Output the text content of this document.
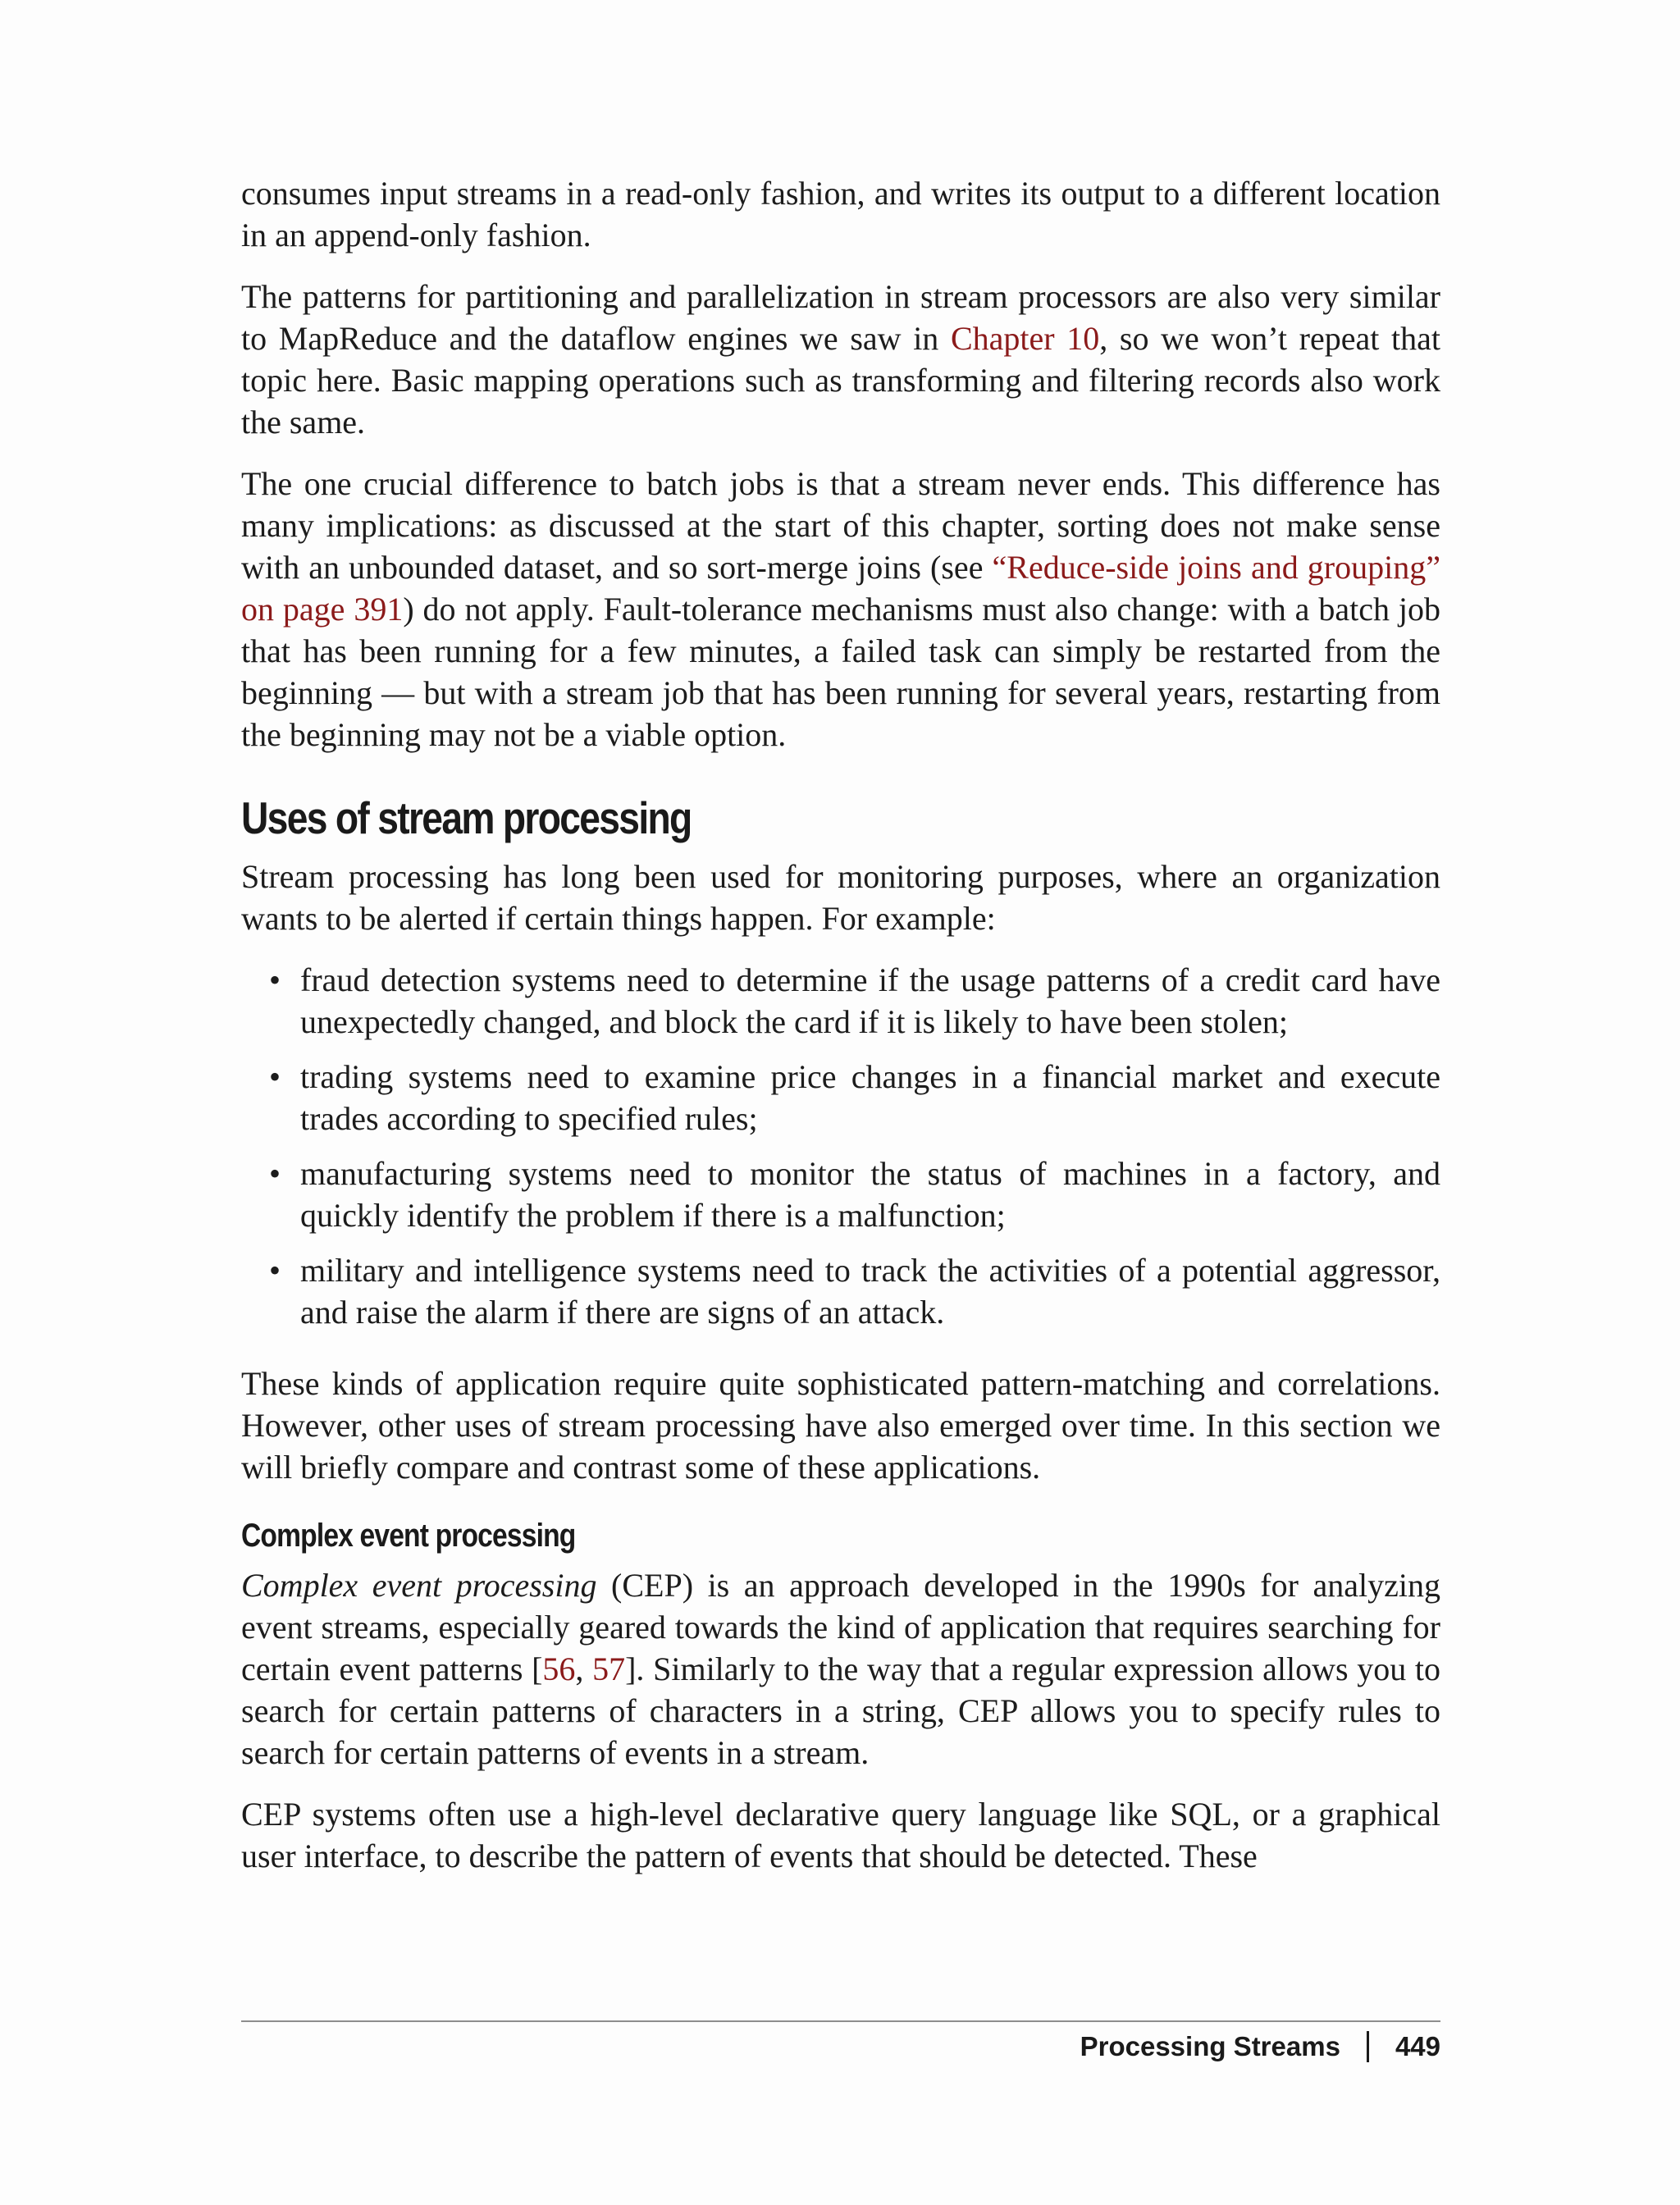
consumes input streams in a read-only fashion, and writes its output to a different location in an append-only fashion.

The patterns for partitioning and parallelization in stream processors are also very similar to MapReduce and the dataflow engines we saw in Chapter 10, so we won’t repeat that topic here. Basic mapping operations such as transforming and filtering records also work the same.

The one crucial difference to batch jobs is that a stream never ends. This difference has many implications: as discussed at the start of this chapter, sorting does not make sense with an unbounded dataset, and so sort-merge joins (see “Reduce-side joins and grouping” on page 391) do not apply. Fault-tolerance mechanisms must also change: with a batch job that has been running for a few minutes, a failed task can simply be restarted from the beginning — but with a stream job that has been running for several years, restarting from the beginning may not be a viable option.

Uses of stream processing

Stream processing has long been used for monitoring purposes, where an organization wants to be alerted if certain things happen. For example:

• fraud detection systems need to determine if the usage patterns of a credit card have unexpectedly changed, and block the card if it is likely to have been stolen;
• trading systems need to examine price changes in a financial market and execute trades according to specified rules;
• manufacturing systems need to monitor the status of machines in a factory, and quickly identify the problem if there is a malfunction;
• military and intelligence systems need to track the activities of a potential aggressor, and raise the alarm if there are signs of an attack.

These kinds of application require quite sophisticated pattern-matching and correlations. However, other uses of stream processing have also emerged over time. In this section we will briefly compare and contrast some of these applications.

Complex event processing

Complex event processing (CEP) is an approach developed in the 1990s for analyzing event streams, especially geared towards the kind of application that requires searching for certain event patterns [56, 57]. Similarly to the way that a regular expression allows you to search for certain patterns of characters in a string, CEP allows you to specify rules to search for certain patterns of events in a stream.

CEP systems often use a high-level declarative query language like SQL, or a graphical user interface, to describe the pattern of events that should be detected. These

Processing Streams 449
